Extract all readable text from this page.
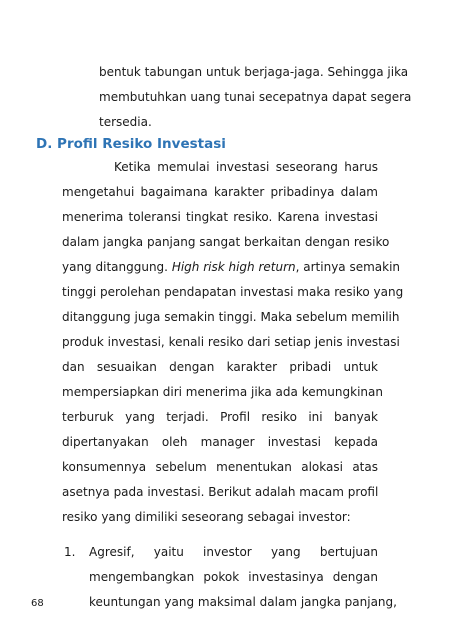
bentuk tabungan untuk berjaga-jaga. Sehingga jika
membutuhkan uang tunai secepatnya dapat segera
tersedia.
D. Profil Resiko Investasi
Ketika memulai investasi seseorang harus
mengetahui bagaimana karakter pribadinya dalam
menerima toleransi tingkat resiko. Karena investasi
dalam jangka panjang sangat berkaitan dengan resiko
yang ditanggung. High risk high return, artinya semakin
tinggi perolehan pendapatan investasi maka resiko yang
ditanggung juga semakin tinggi. Maka sebelum memilih
produk investasi, kenali resiko dari setiap jenis investasi
dan sesuaikan dengan karakter pribadi untuk
mempersiapkan diri menerima jika ada kemungkinan
terburuk yang terjadi. Profil resiko ini banyak
dipertanyakan oleh manager investasi kepada
konsumennya sebelum menentukan alokasi atas
asetnya pada investasi. Berikut adalah macam profil
resiko yang dimiliki seseorang sebagai investor:
1. Agresif, yaitu investor yang bertujuan
mengembangkan pokok investasinya dengan
keuntungan yang maksimal dalam jangka panjang,
68
